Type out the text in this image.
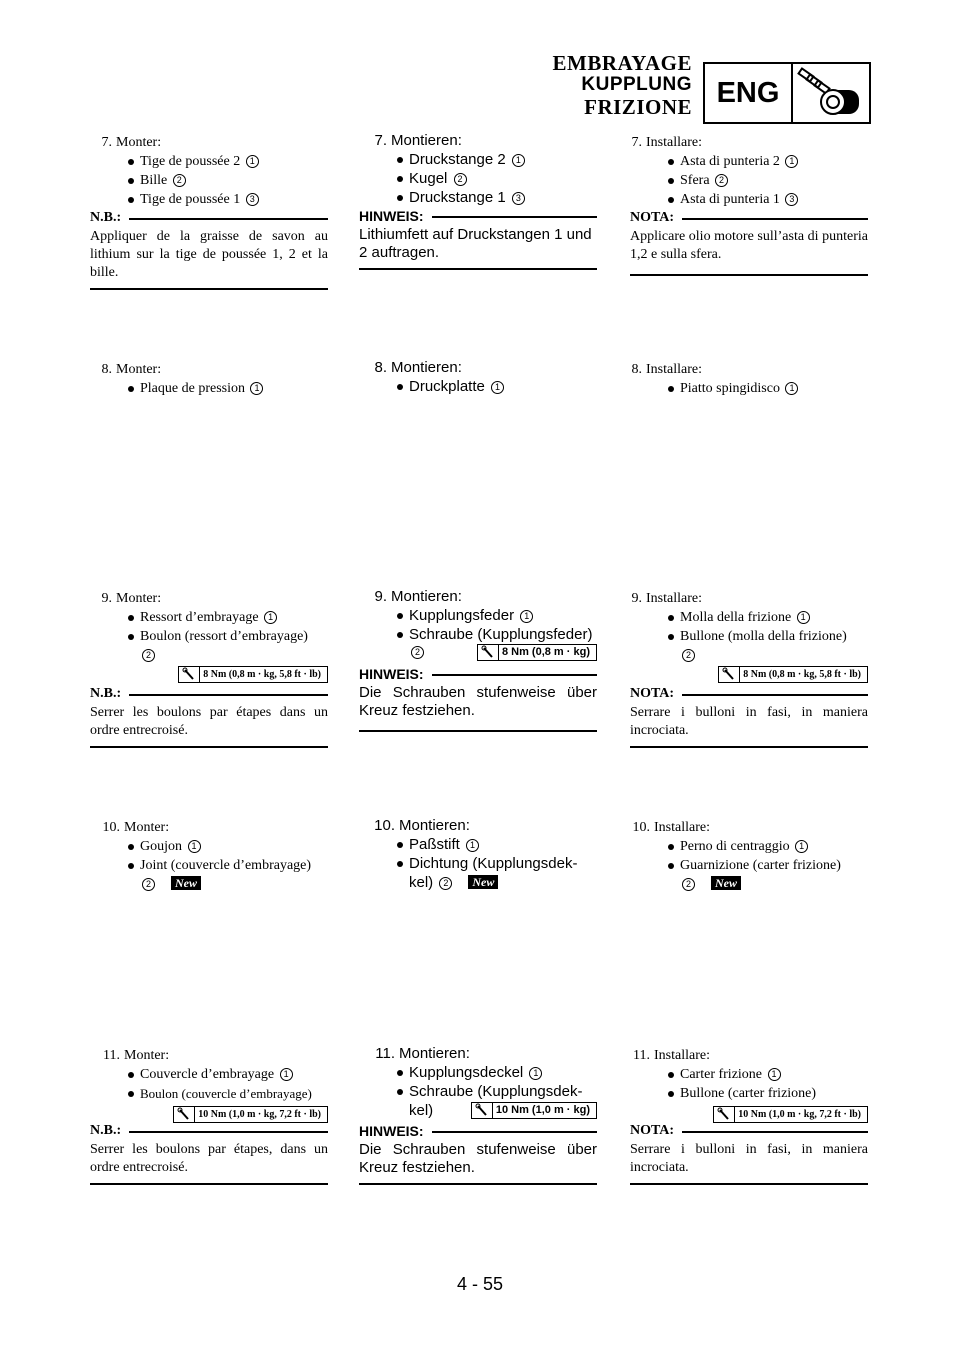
EMBRAYAGE
KUPPLUNG
FRIZIONE ENG
7. Monter:
Tige de poussée 2 1
Bille 2
Tige de poussée 1 3
N.B.:
Appliquer de la graisse de savon au lithium sur la tige de poussée 1, 2 et la bille.
8. Monter:
Plaque de pression 1
9. Monter:
Ressort d’embrayage 1
Boulon (ressort d’embrayage)
2
8 Nm (0,8 m · kg, 5,8 ft · lb)
N.B.:
Serrer les boulons par étapes dans un ordre entrecroisé.
10. Monter:
Goujon 1
Joint (couvercle d’embrayage)
2 New
11. Monter:
Couvercle d’embrayage 1
Boulon (couvercle d’embrayage)
10 Nm (1,0 m · kg, 7,2 ft · lb)
N.B.:
Serrer les boulons par étapes, dans un ordre entrecroisé.
7. Montieren:
Druckstange 2 1
Kugel 2
Druckstange 1 3
HINWEIS:
Lithiumfett auf Druckstangen 1 und 2 auftragen.
8. Montieren:
Druckplatte 1
9. Montieren:
Kupplungsfeder 1
Schraube (Kupplungsfeder)
2	8 Nm (0,8 m · kg)
HINWEIS:
Die Schrauben stufenweise über Kreuz festziehen.
10. Montieren:
Paßstift 1
Dichtung (Kupplungsdek-
kel) 2 New
11. Montieren:
Kupplungsdeckel 1
Schraube (Kupplungsdek-
kel)	10 Nm (1,0 m · kg)
HINWEIS:
Die Schrauben stufenweise über Kreuz festziehen.
7. Installare:
Asta di punteria 2 1
Sfera 2
Asta di punteria 1 3
NOTA:
Applicare olio motore sull’asta di punteria 1,2 e sulla sfera.
8. Installare:
Piatto spingidisco 1
9. Installare:
Molla della frizione 1
Bullone (molla della frizione)
2
8 Nm (0,8 m · kg, 5,8 ft · lb)
NOTA:
Serrare i bulloni in fasi, in maniera incrociata.
10. Installare:
Perno di centraggio 1
Guarnizione (carter frizione)
2 New
11. Installare:
Carter frizione 1
Bullone (carter frizione)
10 Nm (1,0 m · kg, 7,2 ft · lb)
NOTA:
Serrare i bulloni in fasi, in maniera incrociata.
4 - 55
